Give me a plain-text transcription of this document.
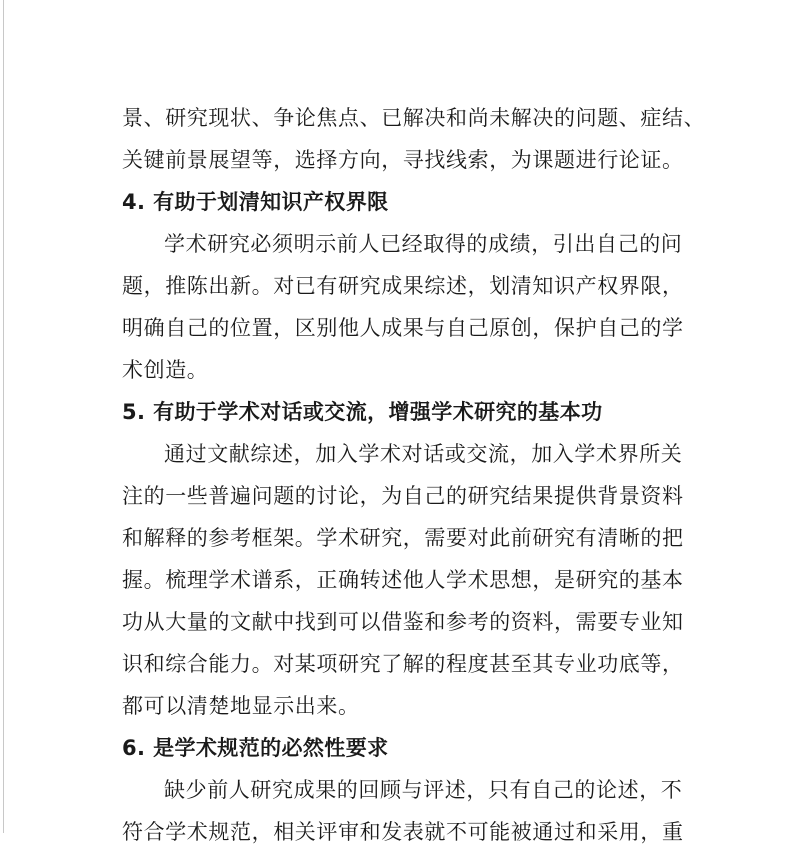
景、研究现状、争论焦点、已解决和尚未解决的问题、症结、
关键前景展望等，选择方向，寻找线索，为课题进行论证。
4. 有助于划清知识产权界限
学术研究必须明示前人已经取得的成绩，引出自己的问
题，推陈出新。对已有研究成果综述，划清知识产权界限，
明确自己的位置，区别他人成果与自己原创，保护自己的学
术创造。
5. 有助于学术对话或交流，增强学术研究的基本功
通过文献综述，加入学术对话或交流，加入学术界所关
注的一些普遍问题的讨论，为自己的研究结果提供背景资料
和解释的参考框架。学术研究，需要对此前研究有清晰的把
握。梳理学术谱系，正确转述他人学术思想，是研究的基本
功从大量的文献中找到可以借鉴和参考的资料，需要专业知
识和综合能力。对某项研究了解的程度甚至其专业功底等，
都可以清楚地显示出来。
6. 是学术规范的必然性要求
缺少前人研究成果的回顾与评述，只有自己的论述，不
符合学术规范，相关评审和发表就不可能被通过和采用，重
